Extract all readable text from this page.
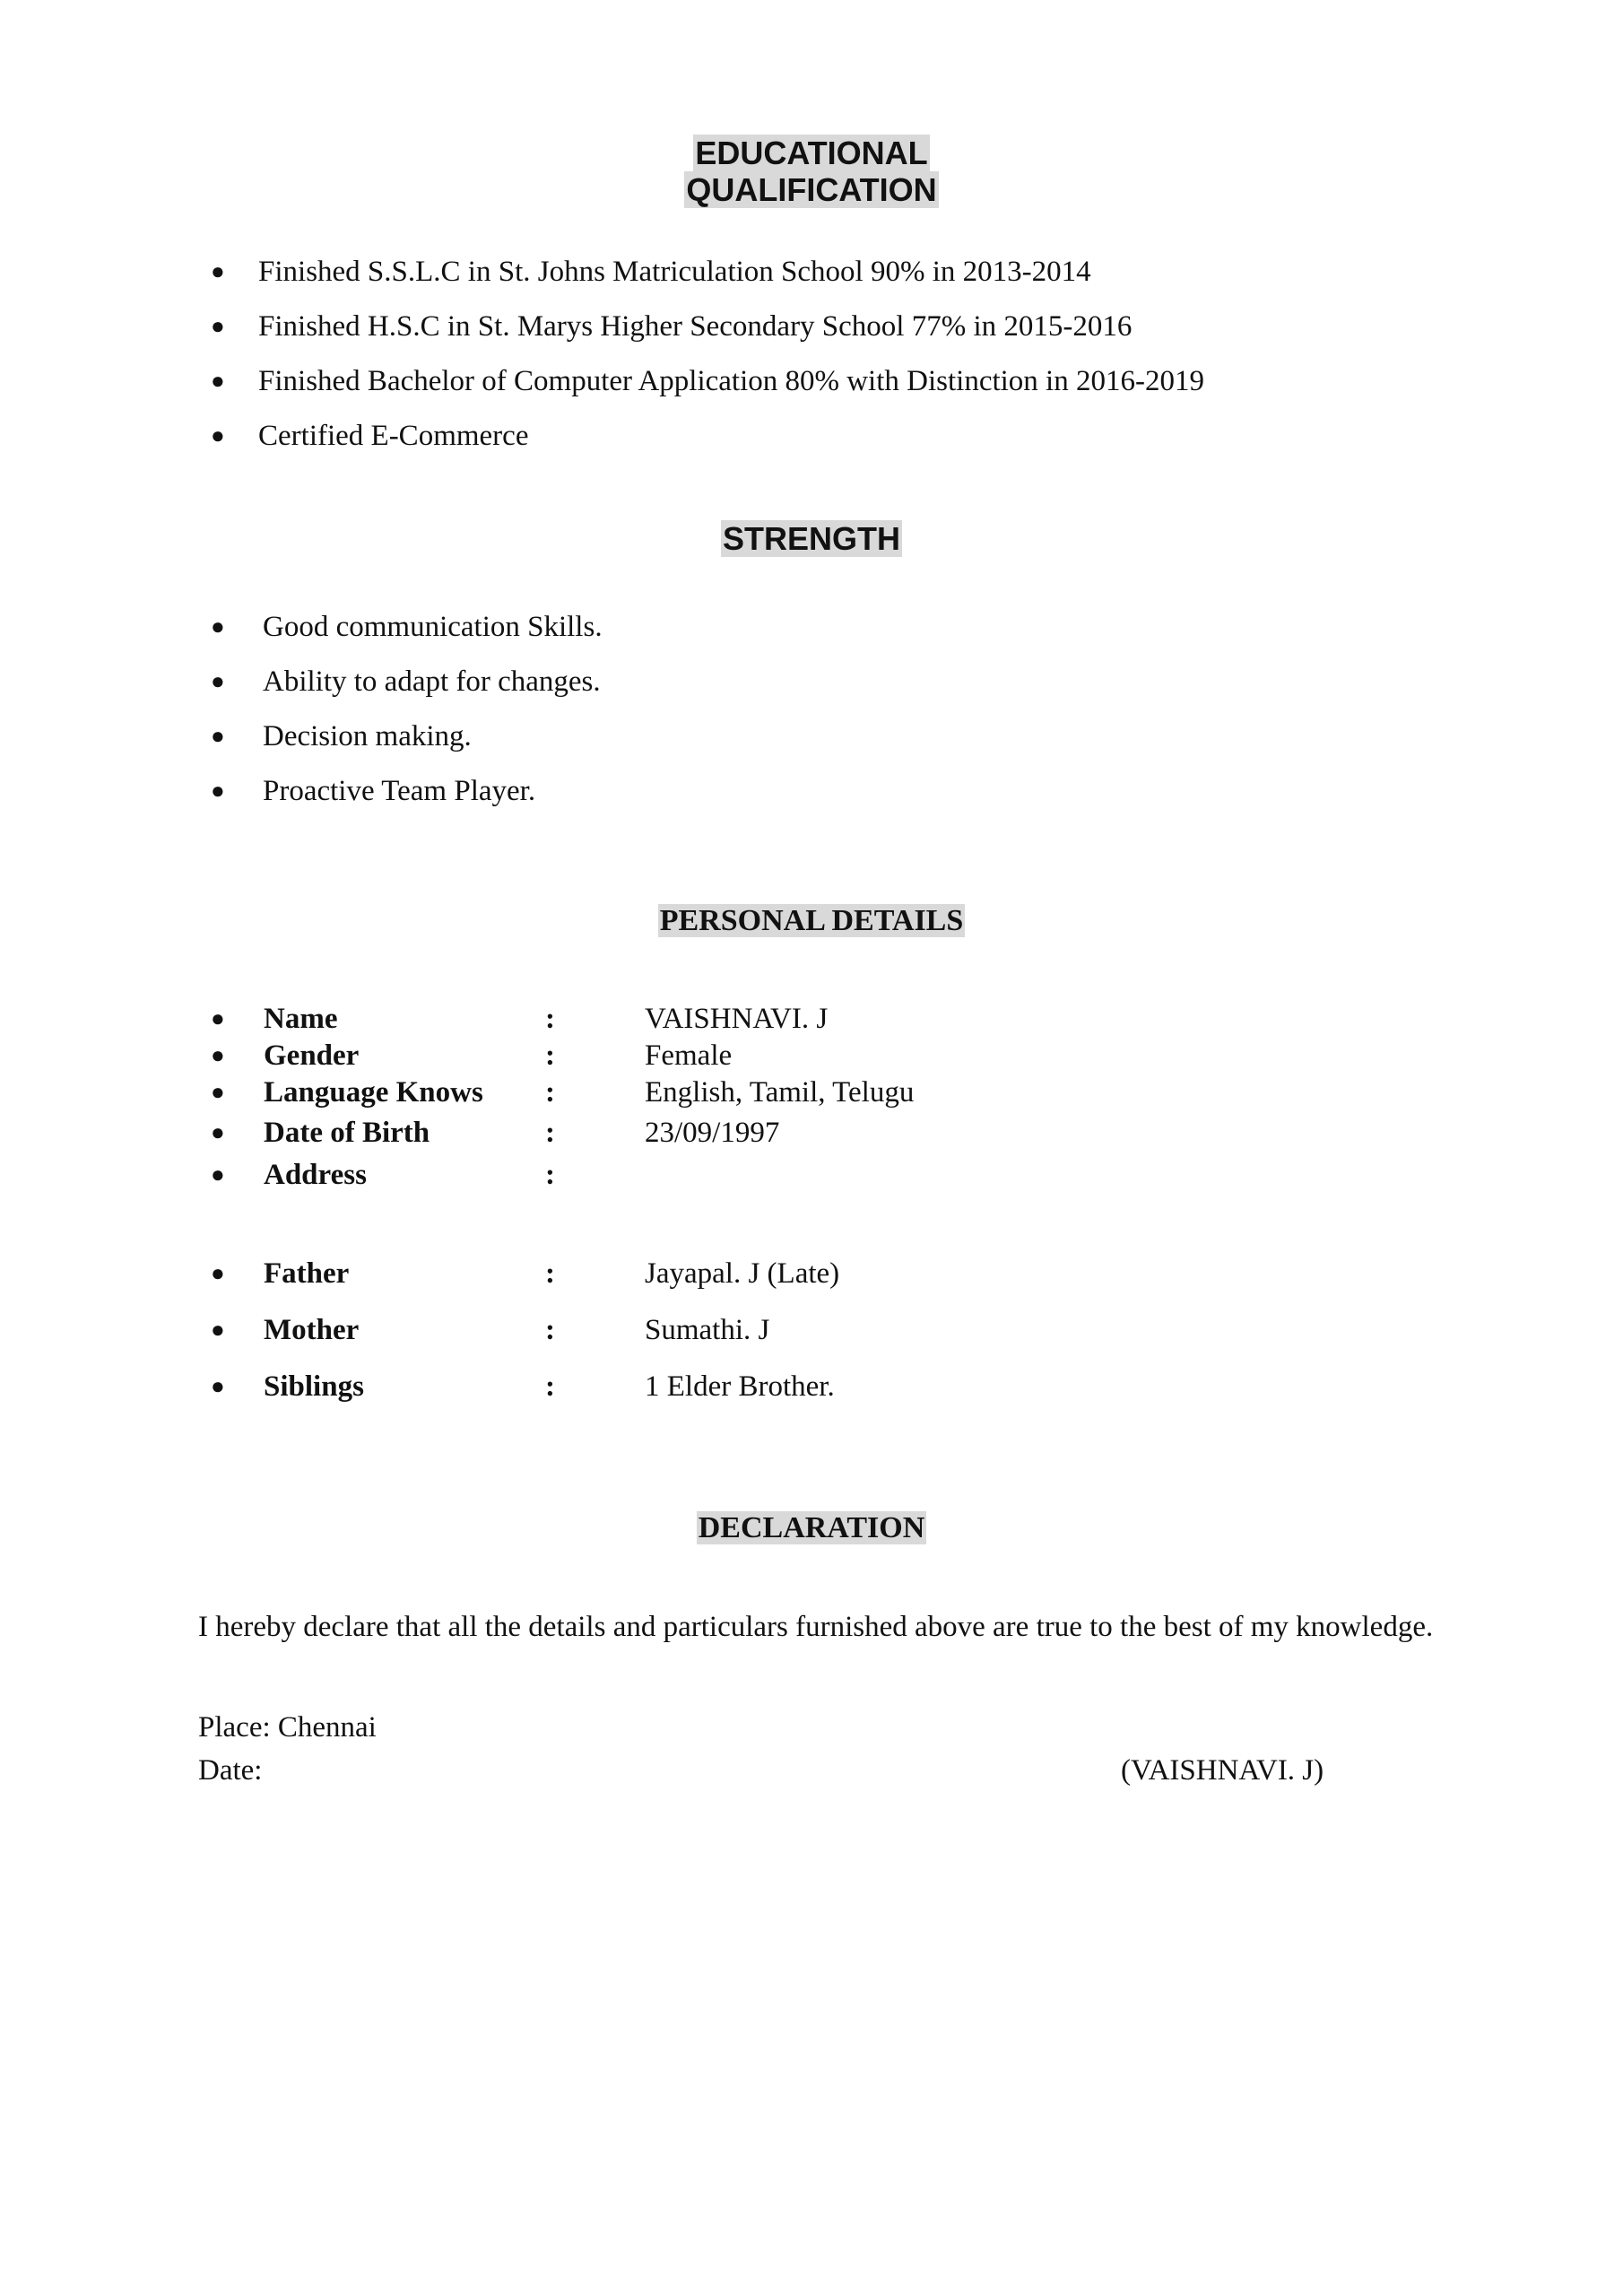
EDUCATIONAL
QUALIFICATION
● Finished S.S.L.C in St. Johns Matriculation School 90% in 2013-2014
● Finished H.S.C in St. Marys Higher Secondary School 77% in 2015-2016
● Finished Bachelor of Computer Application 80% with Distinction in 2016-2019
● Certified E-Commerce
STRENGTH
● Good communication Skills.
● Ability to adapt for changes.
● Decision making.
● Proactive Team Player.
PERSONAL DETAILS
● Name	:	VAISHNAVI. J
● Gender	:	Female
● Language Knows :	English, Tamil, Telugu
● Date of Birth	:	23/09/1997
● Address	:
● Father	:	Jayapal. J (Late)
● Mother	:	Sumathi. J
● Siblings	:	1 Elder Brother.
DECLARATION
I hereby declare that all the details and particulars furnished above are true to the best of my knowledge.
Place: Chennai
Date:	(VAISHNAVI. J)
